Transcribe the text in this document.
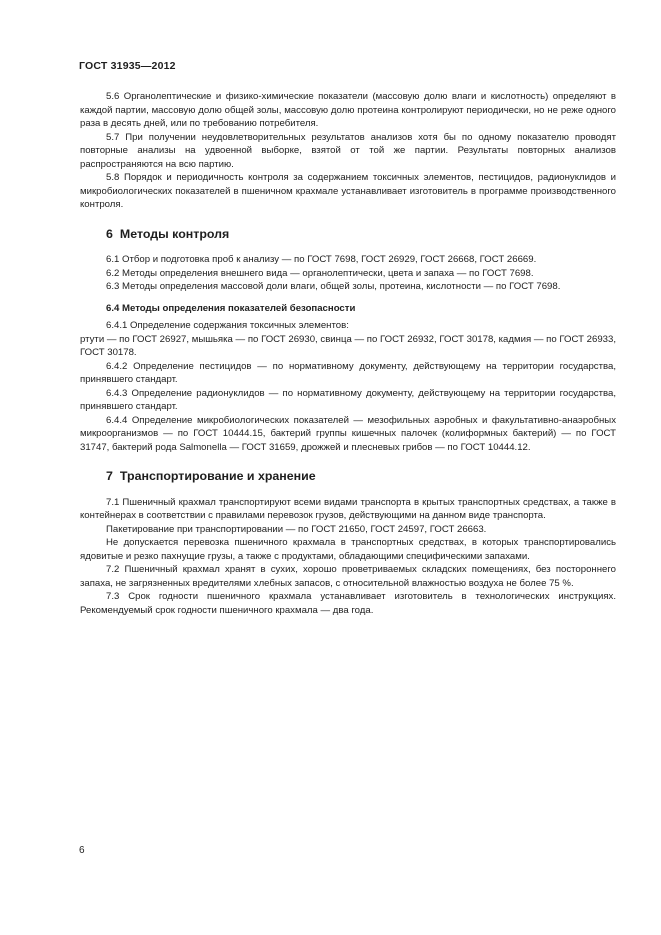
ГОСТ 31935—2012

5.6 Органолептические и физико-химические показатели (массовую долю влаги и кислотность) определяют в каждой партии, массовую долю общей золы, массовую долю протеина контролируют периодически, но не реже одного раза в десять дней, или по требованию потребителя.

5.7 При получении неудовлетворительных результатов анализов хотя бы по одному показателю проводят повторные анализы на удвоенной выборке, взятой от той же партии. Результаты повторных анализов распространяются на всю партию.

5.8 Порядок и периодичность контроля за содержанием токсичных элементов, пестицидов, радионуклидов и микробиологических показателей в пшеничном крахмале устанавливает изготовитель в программе производственного контроля.

6 Методы контроля

6.1 Отбор и подготовка проб к анализу — по ГОСТ 7698, ГОСТ 26929, ГОСТ 26668, ГОСТ 26669.

6.2 Методы определения внешнего вида — органолептически, цвета и запаха — по ГОСТ 7698.

6.3 Методы определения массовой доли влаги, общей золы, протеина, кислотности — по ГОСТ 7698.

6.4 Методы определения показателей безопасности

6.4.1 Определение содержания токсичных элементов:

ртути — по ГОСТ 26927, мышьяка — по ГОСТ 26930, свинца — по ГОСТ 26932, ГОСТ 30178, кадмия — по ГОСТ 26933, ГОСТ 30178.

6.4.2 Определение пестицидов — по нормативному документу, действующему на территории государства, принявшего стандарт.

6.4.3 Определение радионуклидов — по нормативному документу, действующему на территории государства, принявшего стандарт.

6.4.4 Определение микробиологических показателей — мезофильных аэробных и факультативно-анаэробных микроорганизмов — по ГОСТ 10444.15, бактерий группы кишечных палочек (колиформных бактерий) — по ГОСТ 31747, бактерий рода Salmonella — ГОСТ 31659, дрожжей и плесневых грибов — по ГОСТ 10444.12.

7 Транспортирование и хранение

7.1 Пшеничный крахмал транспортируют всеми видами транспорта в крытых транспортных средствах, а также в контейнерах в соответствии с правилами перевозок грузов, действующими на данном виде транспорта.

Пакетирование при транспортировании — по ГОСТ 21650, ГОСТ 24597, ГОСТ 26663.

Не допускается перевозка пшеничного крахмала в транспортных средствах, в которых транспортировались ядовитые и резко пахнущие грузы, а также с продуктами, обладающими специфическими запахами.

7.2 Пшеничный крахмал хранят в сухих, хорошо проветриваемых складских помещениях, без постороннего запаха, не загрязненных вредителями хлебных запасов, с относительной влажностью воздуха не более 75 %.

7.3 Срок годности пшеничного крахмала устанавливает изготовитель в технологических инструкциях. Рекомендуемый срок годности пшеничного крахмала — два года.

6
